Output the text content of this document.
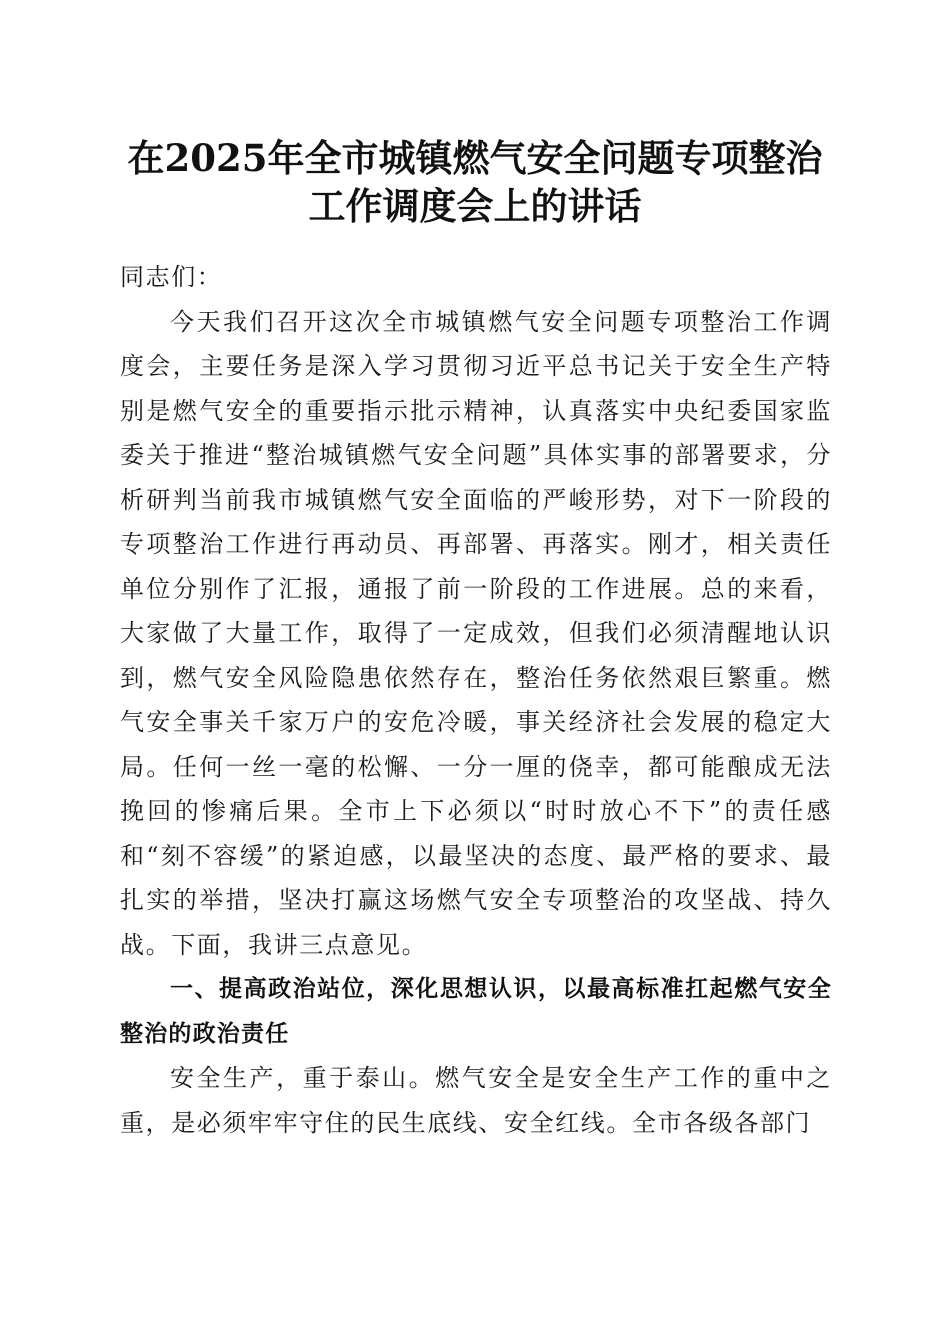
在2025年全市城镇燃气安全问题专项整治工作调度会上的讲话

同志们：

今天我们召开这次全市城镇燃气安全问题专项整治工作调度会，主要任务是深入学习贯彻习近平总书记关于安全生产特别是燃气安全的重要指示批示精神，认真落实中央纪委国家监委关于推进“整治城镇燃气安全问题”具体实事的部署要求，分析研判当前我市城镇燃气安全面临的严峻形势，对下一阶段的专项整治工作进行再动员、再部署、再落实。刚才，相关责任单位分别作了汇报，通报了前一阶段的工作进展。总的来看，大家做了大量工作，取得了一定成效，但我们必须清醒地认识到，燃气安全风险隐患依然存在，整治任务依然艰巨繁重。燃气安全事关千家万户的安危冷暖，事关经济社会发展的稳定大局。任何一丝一毫的松懈、一分一厘的侥幸，都可能酿成无法挽回的惨痛后果。全市上下必须以“时时放心不下”的责任感和“刻不容缓”的紧迫感，以最坚决的态度、最严格的要求、最扎实的举措，坚决打赢这场燃气安全专项整治的攻坚战、持久战。下面，我讲三点意见。

一、提高政治站位，深化思想认识，以最高标准扛起燃气安全整治的政治责任

安全生产，重于泰山。燃气安全是安全生产工作的重中之重，是必须牢牢守住的民生底线、安全红线。全市各级各部门
